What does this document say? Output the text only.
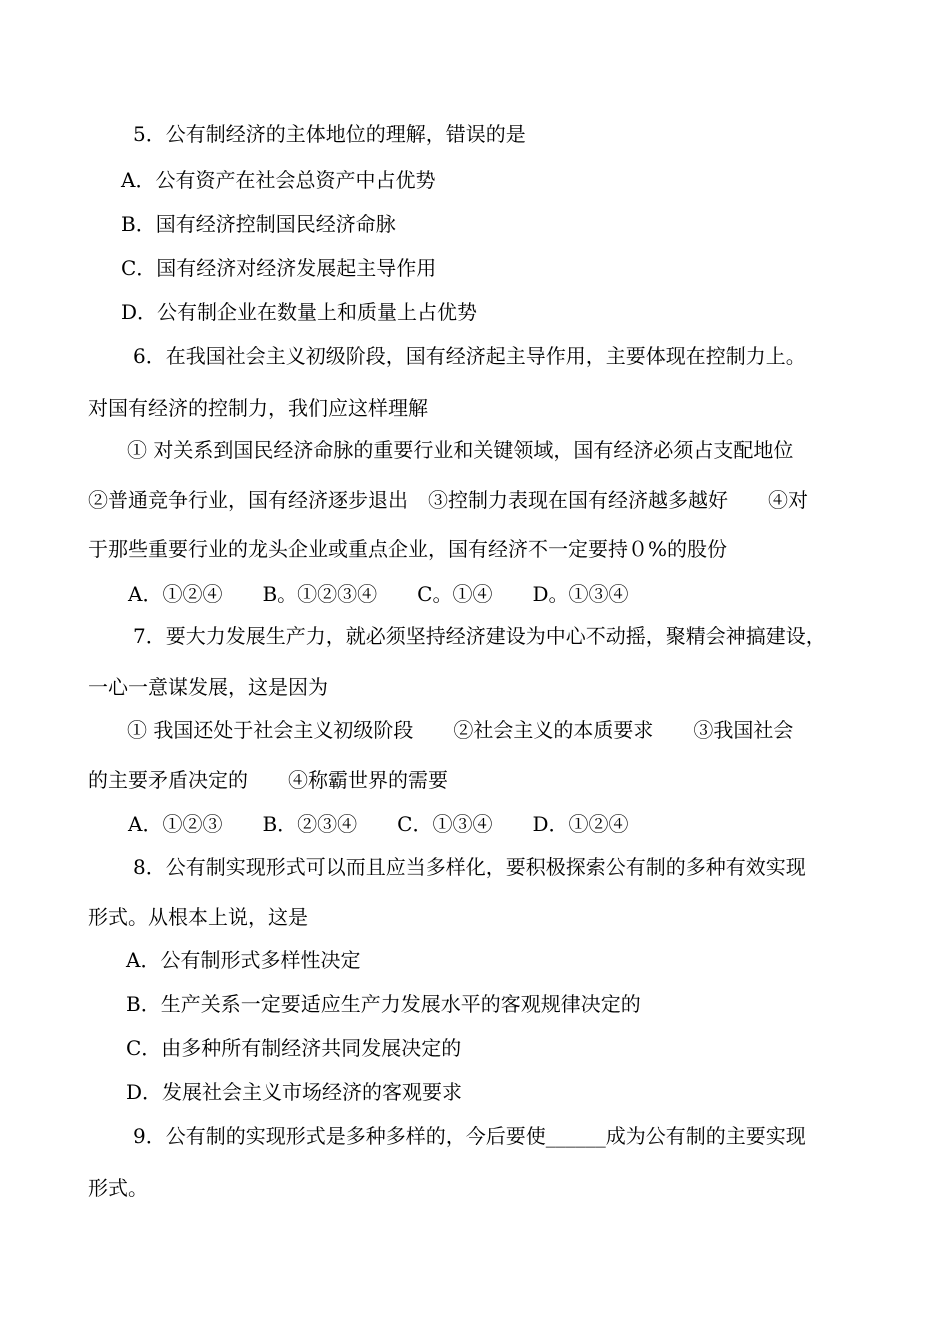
5．公有制经济的主体地位的理解，错误的是
A．公有资产在社会总资产中占优势
B．国有经济控制国民经济命脉
C．国有经济对经济发展起主导作用
D．公有制企业在数量上和质量上占优势
6．在我国社会主义初级阶段，国有经济起主导作用，主要体现在控制力上。
对国有经济的控制力，我们应这样理解
① 对关系到国民经济命脉的重要行业和关键领域，国有经济必须占支配地位
②普通竞争行业，国有经济逐步退出　③控制力表现在国有经济越多越好　　④对
于那些重要行业的龙头企业或重点企业，国有经济不一定要持０%的股份
A．①②④　　B。①②③④　　C。①④　　D。①③④
7．要大力发展生产力，就必须坚持经济建设为中心不动摇，聚精会神搞建设，
一心一意谋发展，这是因为
① 我国还处于社会主义初级阶段　　②社会主义的本质要求　　③我国社会
的主要矛盾决定的　　④称霸世界的需要
A．①②③　　B．②③④　　C．①③④　　D．①②④
8．公有制实现形式可以而且应当多样化，要积极探索公有制的多种有效实现
形式。从根本上说，这是
A．公有制形式多样性决定
B．生产关系一定要适应生产力发展水平的客观规律决定的
C．由多种所有制经济共同发展决定的
D．发展社会主义市场经济的客观要求
9．公有制的实现形式是多种多样的，今后要使______成为公有制的主要实现
形式。
